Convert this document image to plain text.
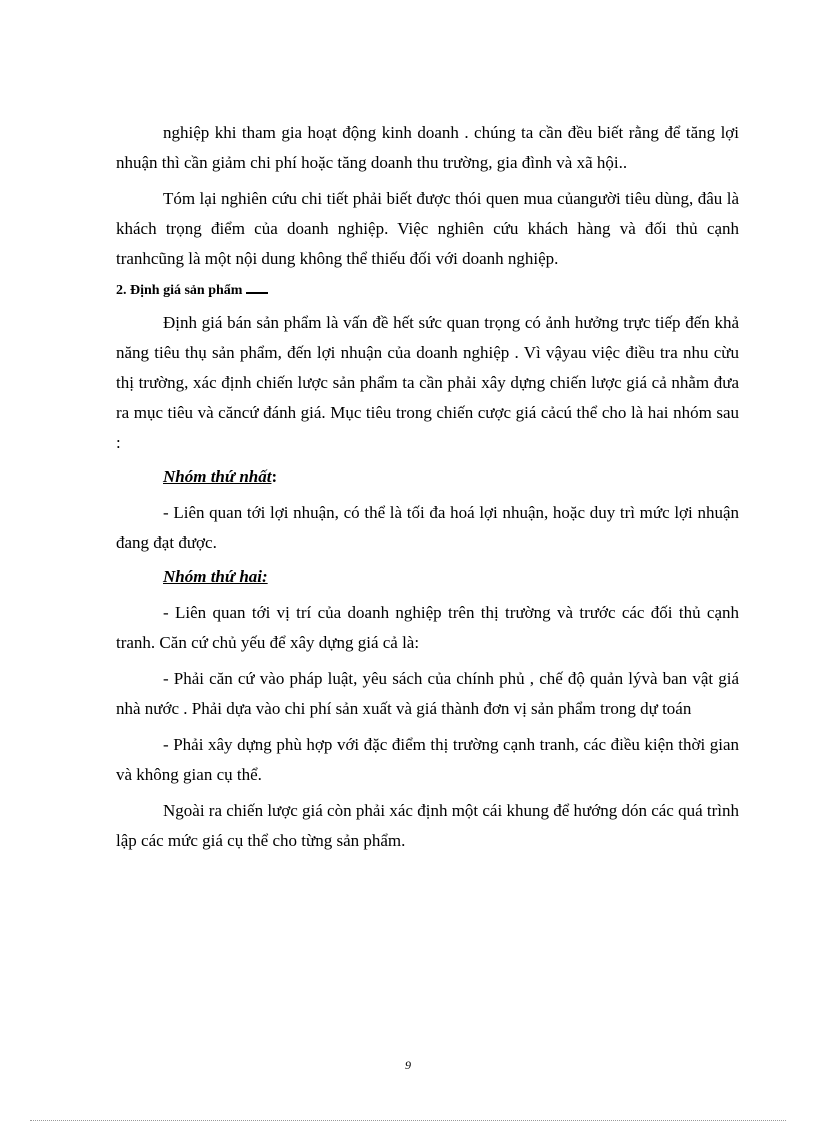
nghiệp khi tham gia hoạt động kinh doanh . chúng ta cần đều biết rằng để tăng lợi nhuận thì cần giảm chi phí hoặc tăng doanh thu trường, gia đình và xã hội..

Tóm lại nghiên cứu chi tiết phải biết được thói quen mua củangười tiêu dùng, đâu là khách trọng điểm của doanh nghiệp. Việc nghiên cứu khách hàng và đối thủ cạnh tranhcũng là một nội dung không thể thiếu đối với doanh nghiệp.

2. Định giá sản phẩm

Định giá bán sản phẩm là vấn đề hết sức quan trọng có ảnh hưởng trực tiếp đến khả năng tiêu thụ sản phẩm, đến lợi nhuận của doanh nghiệp . Vì vậyau việc điều tra nhu cừu thị trường, xác định chiến lược sản phẩm ta cần phải xây dựng chiến lược giá cả nhằm đưa ra mục tiêu và căncứ đánh giá. Mục tiêu trong chiến cược giá cảcú thể cho là hai nhóm sau :

Nhóm thứ nhất:

- Liên quan tới lợi nhuận, có thể là tối đa hoá lợi nhuận, hoặc duy trì mức lợi nhuận đang đạt được.

Nhóm thứ hai:

- Liên quan tới vị trí của doanh nghiệp trên thị trường và trước các đối thủ cạnh tranh. Căn cứ chủ yếu để xây dựng giá cả là:

- Phải căn cứ vào pháp luật, yêu sách của chính phủ , chế độ quản lývà ban vật giá nhà nước . Phải dựa vào chi phí sản xuất và giá thành đơn vị sản phẩm trong dự toán

- Phải xây dựng phù hợp với đặc điểm thị trường cạnh tranh, các điều kiện thời gian và không gian cụ thể.

Ngoài ra chiến lược giá còn phải xác định một cái khung để hướng dón các quá trình lập các mức giá cụ thể cho từng sản phẩm.

9
